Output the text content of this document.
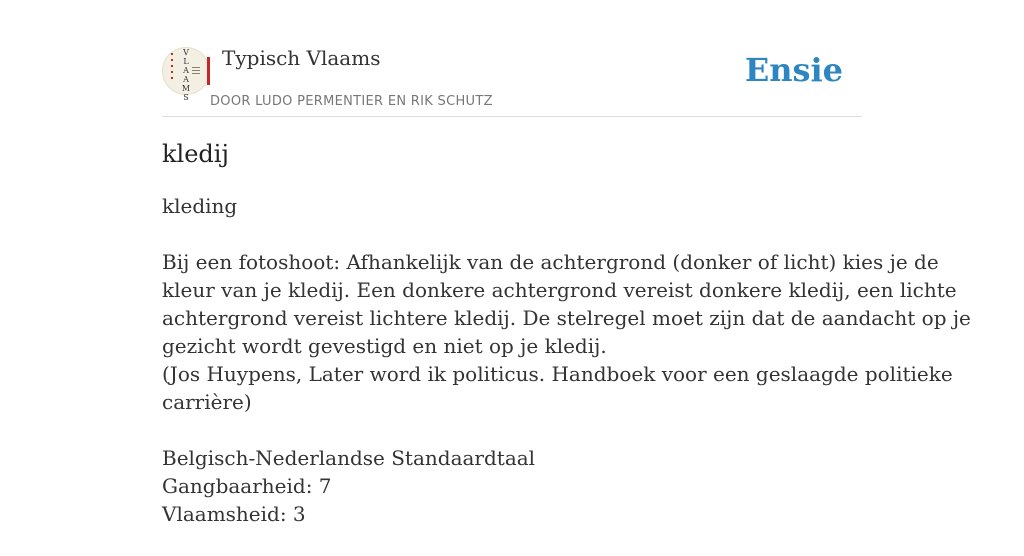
V
L
A
A
M
S
Typisch Vlaams
DOOR LUDO PERMENTIER EN RIK SCHUTZ
Ensie
kledij
kleding
Bij een fotoshoot: Afhankelijk van de achtergrond (donker of licht) kies je de
kleur van je kledij. Een donkere achtergrond vereist donkere kledij, een lichte
achtergrond vereist lichtere kledij. De stelregel moet zijn dat de aandacht op je
gezicht wordt gevestigd en niet op je kledij.
(Jos Huypens, Later word ik politicus. Handboek voor een geslaagde politieke
carrière)
Belgisch-Nederlandse Standaardtaal
Gangbaarheid: 7
Vlaamsheid: 3
